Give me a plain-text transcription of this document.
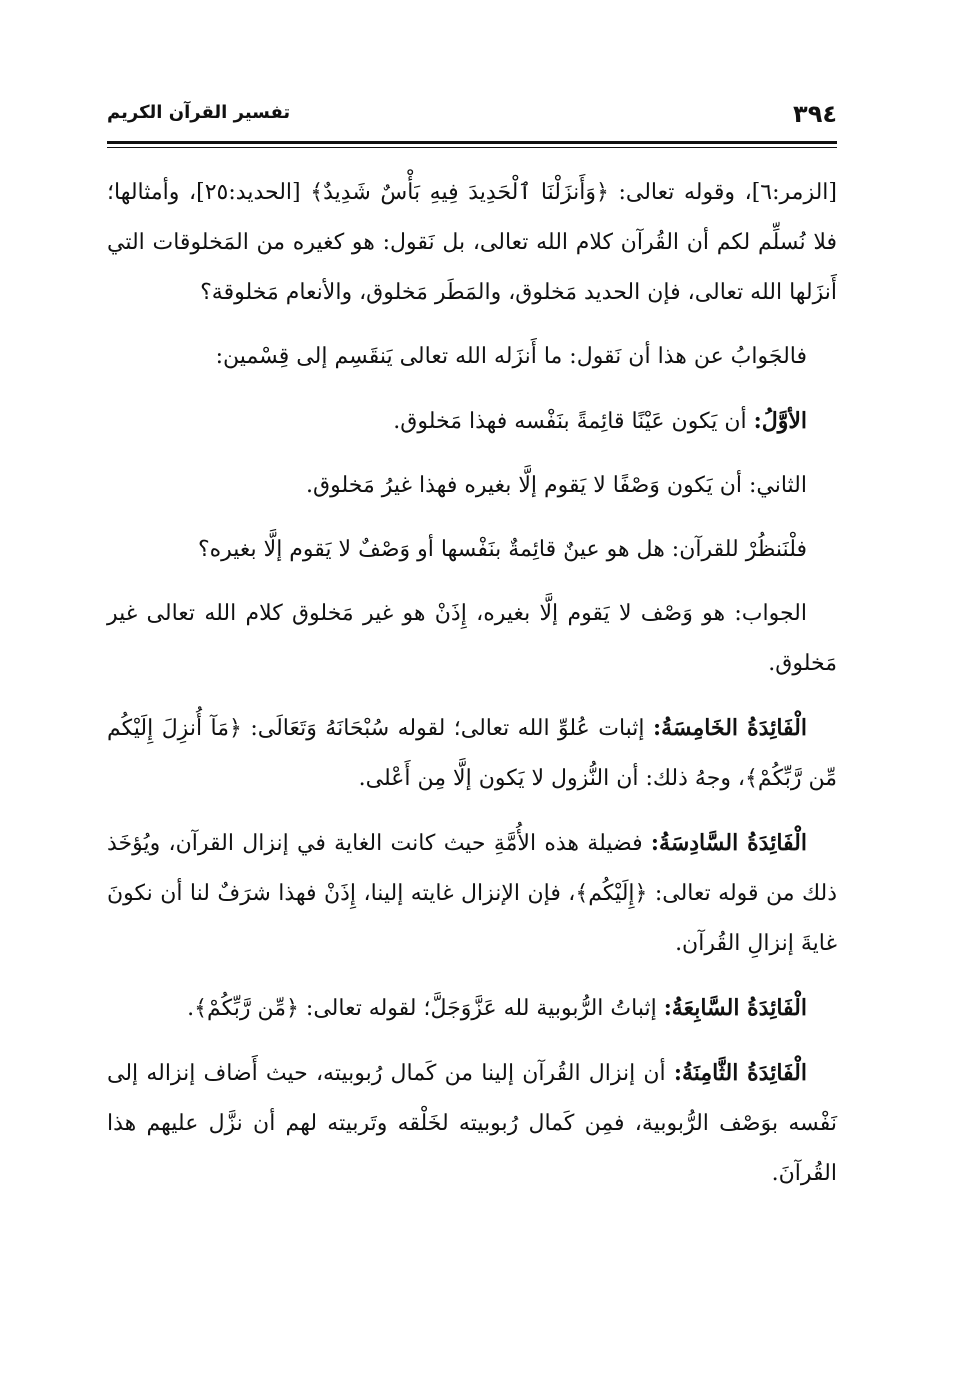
٣٩٤
تفسير القرآن الكريم

[الزمر:٦]، وقوله تعالى: ﴿وَأَنزَلْنَا ٱلْحَدِيدَ فِيهِ بَأْسٌ شَدِيدٌ﴾ [الحديد:٢٥]، وأمثالها؛ فلا نُسلِّم لكم أن القُرآن كلام الله تعالى، بل نَقول: هو كغيره من المَخلوقات التي أَنزَلها الله تعالى، فإن الحديد مَخلوق، والمَطَر مَخلوق، والأنعام مَخلوقة؟

فالجَوابُ عن هذا أن نَقول: ما أَنزَله الله تعالى يَنقَسِم إلى قِسْمين:

الأوَّلُ: أن يَكون عَيْنًا قائِمةً بنَفْسه فهذا مَخلوق.

الثاني: أن يَكون وَصْفًا لا يَقوم إلَّا بغيره فهذا غيرُ مَخلوق.

فلْنَنظُرْ للقرآن: هل هو عينٌ قائِمةٌ بنَفْسها أو وَصْفٌ لا يَقوم إلَّا بغيره؟

الجواب: هو وَصْف لا يَقوم إلَّا بغيره، إِذَنْ هو غير مَخلوق كلام الله تعالى غير مَخلوق.

الْفَائِدَةُ الخَامِسَةُ: إثبات عُلوِّ الله تعالى؛ لقوله سُبْحَانَهُ وَتَعَالَى: ﴿مَآ أُنزِلَ إِلَيْكُم مِّن رَّبِّكُمْ﴾، وجهُ ذلك: أن النُّزول لا يَكون إلَّا مِن أَعْلى.

الْفَائِدَةُ السَّادِسَةُ: فضيلة هذه الأُمَّةِ حيث كانت الغاية في إنزال القرآن، ويُؤخَذ ذلك من قوله تعالى: ﴿إِلَيْكُم﴾، فإن الإنزال غايته إلينا، إِذَنْ فهذا شرَفٌ لنا أن نكونَ غايةَ إنزالِ القُرآن.

الْفَائِدَةُ السَّابِعَةُ: إثباتُ الرُّبوبية لله عَزَّوَجَلَّ؛ لقوله تعالى: ﴿مِّن رَّبِّكُمْ﴾.

الْفَائِدَةُ الثَّامِنَةُ: أن إنزال القُرآن إلينا من كَمال رُبوبيته، حيث أَضاف إنزاله إلى نَفْسه بوَصْف الرُّبوبية، فمِن كَمال رُبوبيته لخَلْقه وتَربيته لهم أن نزَّل عليهم هذا القُرآنَ.
